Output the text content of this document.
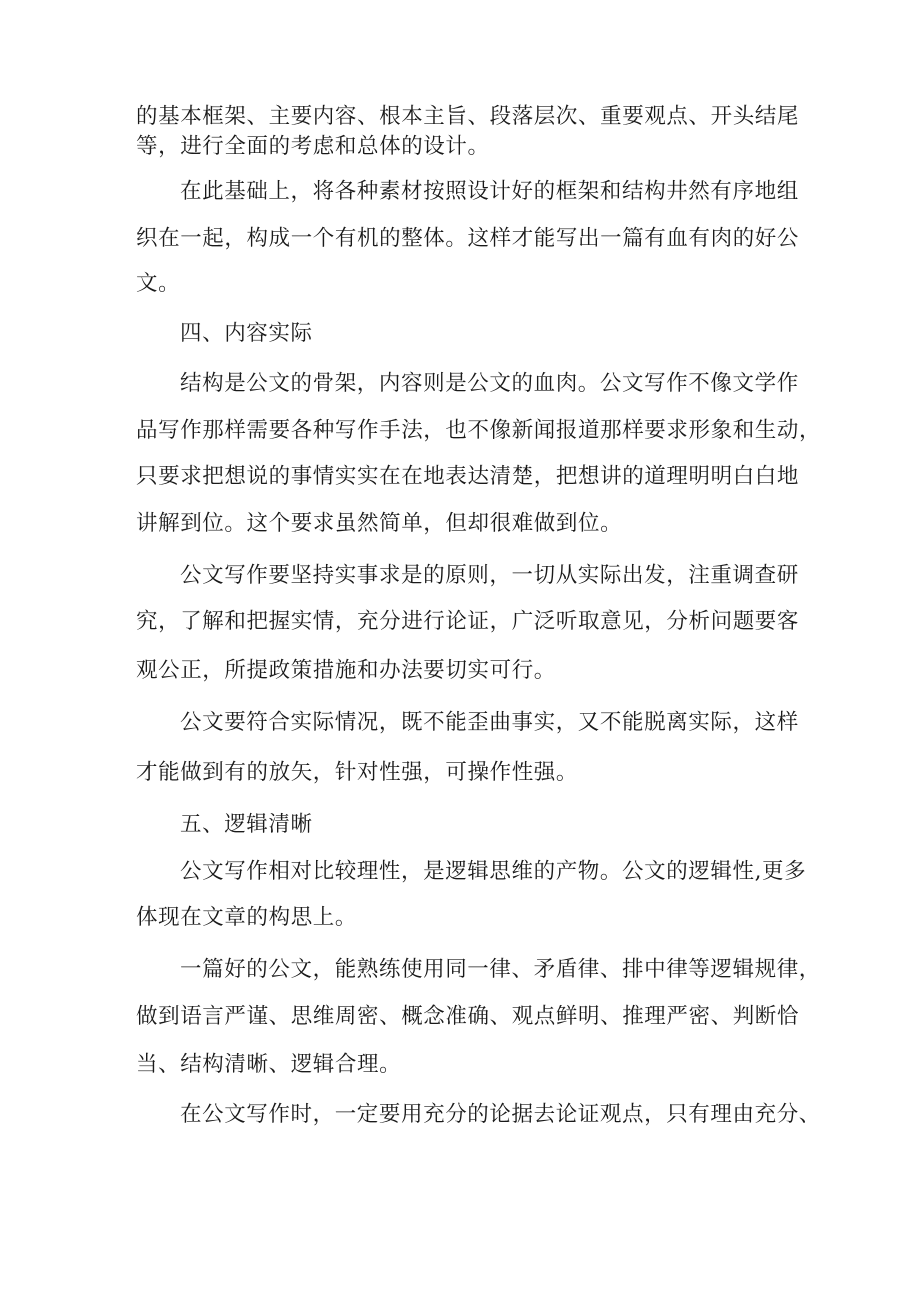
的基本框架、主要内容、根本主旨、段落层次、重要观点、开头结尾
等，进行全面的考虑和总体的设计。
在此基础上，将各种素材按照设计好的框架和结构井然有序地组
织在一起，构成一个有机的整体。这样才能写出一篇有血有肉的好公
文。
四、内容实际
结构是公文的骨架，内容则是公文的血肉。公文写作不像文学作
品写作那样需要各种写作手法，也不像新闻报道那样要求形象和生动，
只要求把想说的事情实实在在地表达清楚，把想讲的道理明明白白地
讲解到位。这个要求虽然简单，但却很难做到位。
公文写作要坚持实事求是的原则，一切从实际出发，注重调查研
究，了解和把握实情，充分进行论证，广泛听取意见，分析问题要客
观公正，所提政策措施和办法要切实可行。
公文要符合实际情况，既不能歪曲事实，又不能脱离实际，这样
才能做到有的放矢，针对性强，可操作性强。
五、逻辑清晰
公文写作相对比较理性，是逻辑思维的产物。公文的逻辑性,更多
体现在文章的构思上。
一篇好的公文，能熟练使用同一律、矛盾律、排中律等逻辑规律，
做到语言严谨、思维周密、概念准确、观点鲜明、推理严密、判断恰
当、结构清晰、逻辑合理。
在公文写作时，一定要用充分的论据去论证观点，只有理由充分、
